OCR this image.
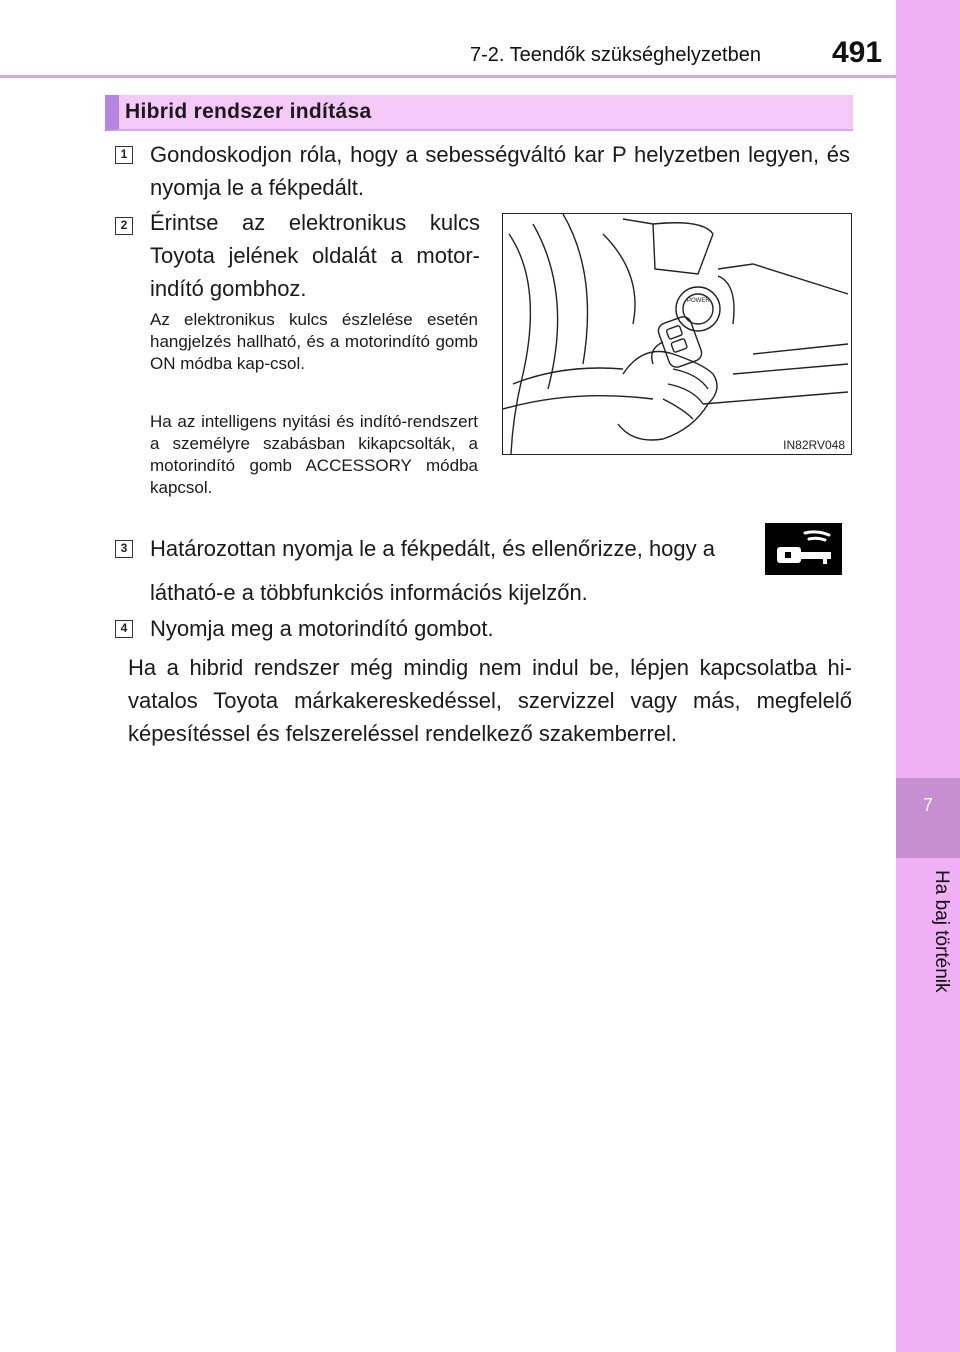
7-2. Teendők szükséghelyzetben 491
7
Ha baj történik
Hibrid rendszer indítása
1 Gondoskodjon róla, hogy a sebességváltó kar P helyzetben legyen, és nyomja le a fékpedált.
2 Érintse az elektronikus kulcs Toyota jelének oldalát a motor-indító gombhoz.
Az elektronikus kulcs észlelése esetén hangjelzés hallható, és a motorindító gomb ON módba kap-csol.
Ha az intelligens nyitási és indító-rendszert a személyre szabásban kikapcsolták, a motorindító gomb ACCESSORY módba kapcsol.
POWER
IN82RV048
3 Határozottan nyomja le a fékpedált, és ellenőrizze, hogy a
látható-e a többfunkciós információs kijelzőn.
4 Nyomja meg a motorindító gombot.
Ha a hibrid rendszer még mindig nem indul be, lépjen kapcsolatba hi-vatalos Toyota márkakereskedéssel, szervizzel vagy más, megfelelő képesítéssel és felszereléssel rendelkező szakemberrel.
